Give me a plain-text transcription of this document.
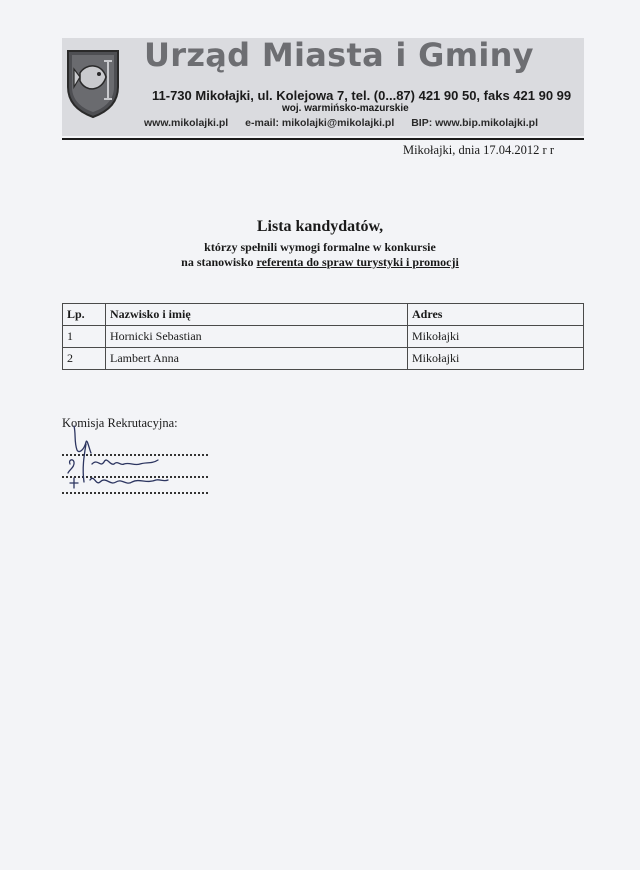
Urząd Miasta i Gminy
11-730 Mikołajki, ul. Kolejowa 7, tel. (0...87) 421 90 50, faks 421 90 99
woj. warmińsko-mazurskie
www.mikolajki.pl e-mail: mikolajki@mikolajki.pl BIP: www.bip.mikolajki.pl
Mikołajki, dnia 17.04.2012 r r
Lista kandydatów,
którzy spełnili wymogi formalne w konkursie
na stanowisko referenta do spraw turystyki i promocji
Lp.	Nazwisko i imię	Adres
1	Hornicki Sebastian	Mikołajki
2	Lambert Anna	Mikołajki
Komisja Rekrutacyjna:
